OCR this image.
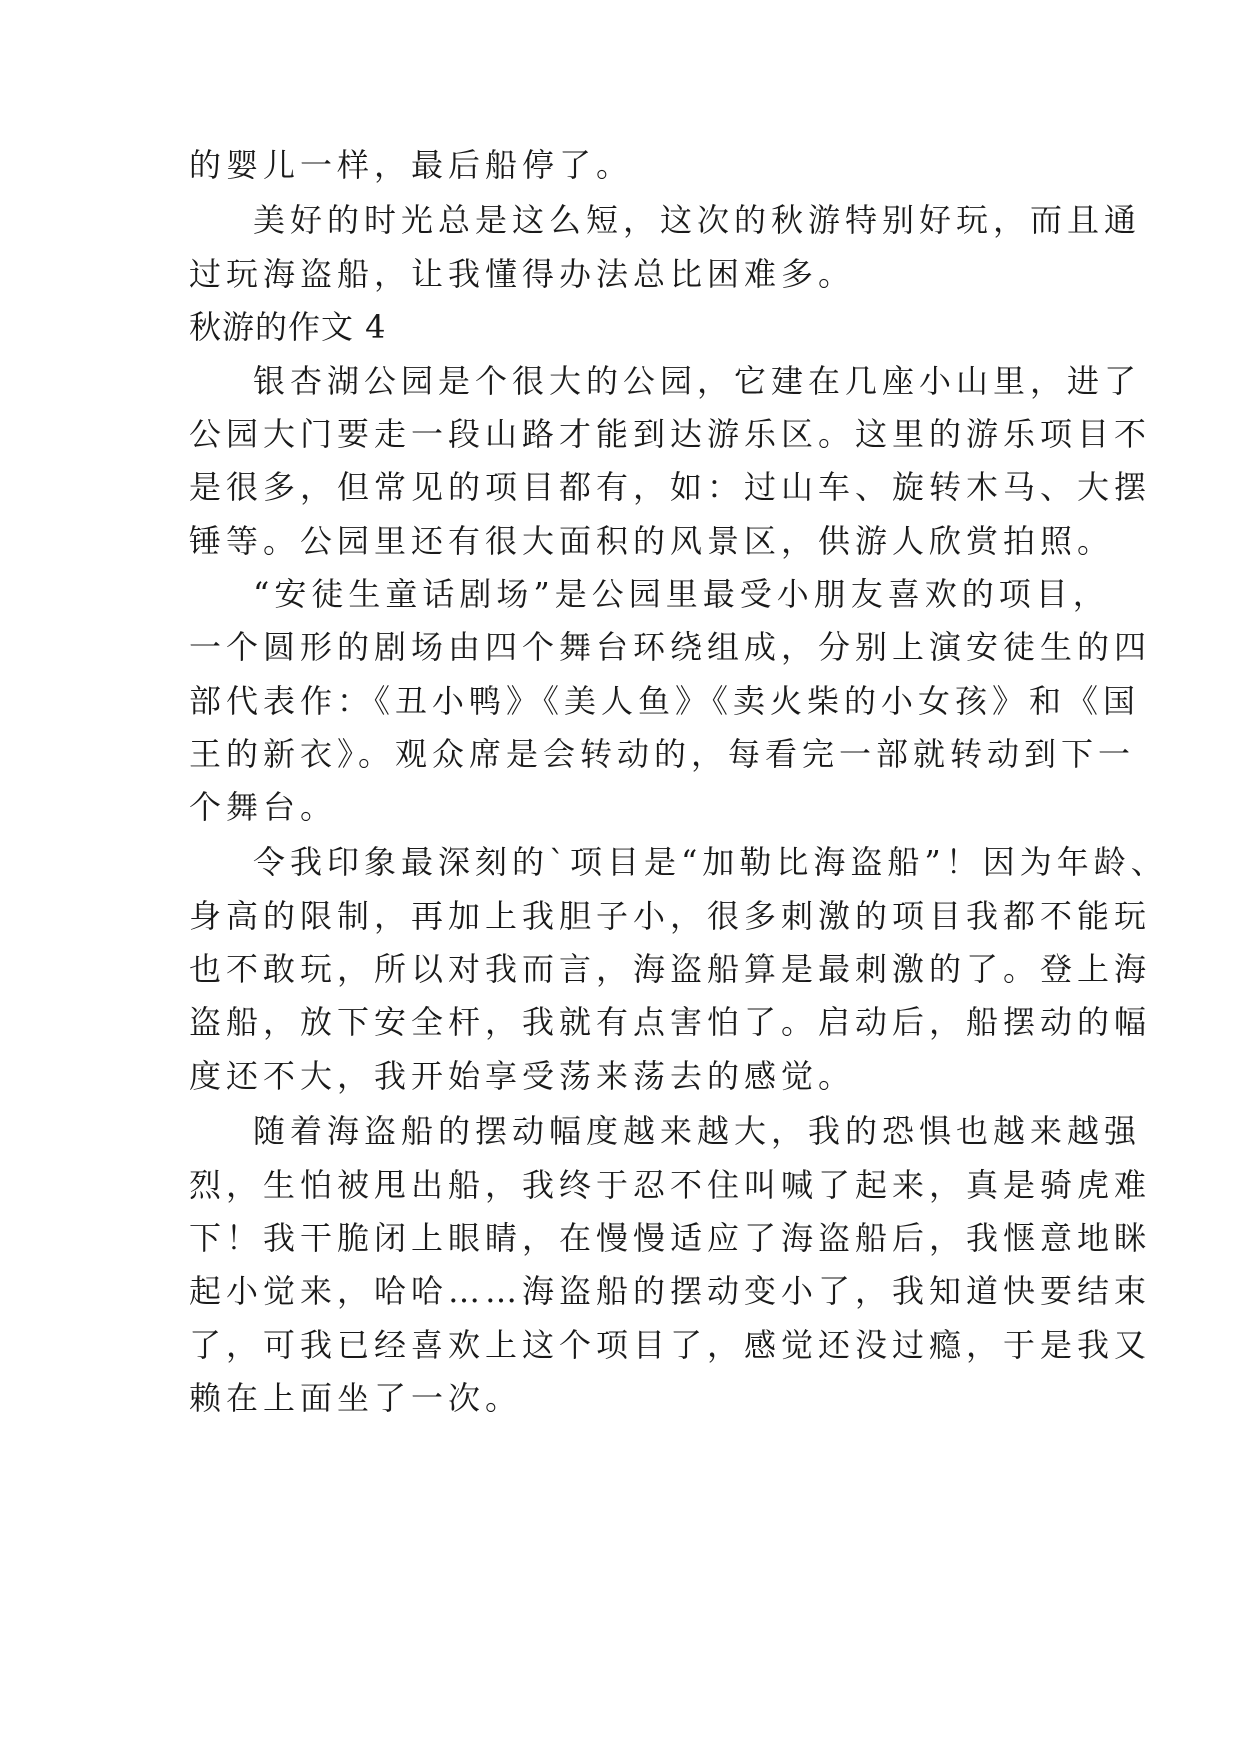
的婴儿一样，最后船停了。
美好的时光总是这么短，这次的秋游特别好玩，而且通
过玩海盗船，让我懂得办法总比困难多。
秋游的作文 4
银杏湖公园是个很大的公园，它建在几座小山里，进了
公园大门要走一段山路才能到达游乐区。这里的游乐项目不
是很多，但常见的项目都有，如：过山车、旋转木马、大摆
锤等。公园里还有很大面积的风景区，供游人欣赏拍照。
“安徒生童话剧场”是公园里最受小朋友喜欢的项目，
一个圆形的剧场由四个舞台环绕组成，分别上演安徒生的四
部代表作：《丑小鸭》《美人鱼》《卖火柴的小女孩》和《国
王的新衣》。观众席是会转动的，每看完一部就转动到下一
个舞台。
令我印象最深刻的`项目是“加勒比海盗船”！因为年龄、
身高的限制，再加上我胆子小，很多刺激的项目我都不能玩
也不敢玩，所以对我而言，海盗船算是最刺激的了。登上海
盗船，放下安全杆，我就有点害怕了。启动后，船摆动的幅
度还不大，我开始享受荡来荡去的感觉。
随着海盗船的摆动幅度越来越大，我的恐惧也越来越强
烈，生怕被甩出船，我终于忍不住叫喊了起来，真是骑虎难
下！我干脆闭上眼睛，在慢慢适应了海盗船后，我惬意地眯
起小觉来，哈哈……海盗船的摆动变小了，我知道快要结束
了，可我已经喜欢上这个项目了，感觉还没过瘾，于是我又
赖在上面坐了一次。
